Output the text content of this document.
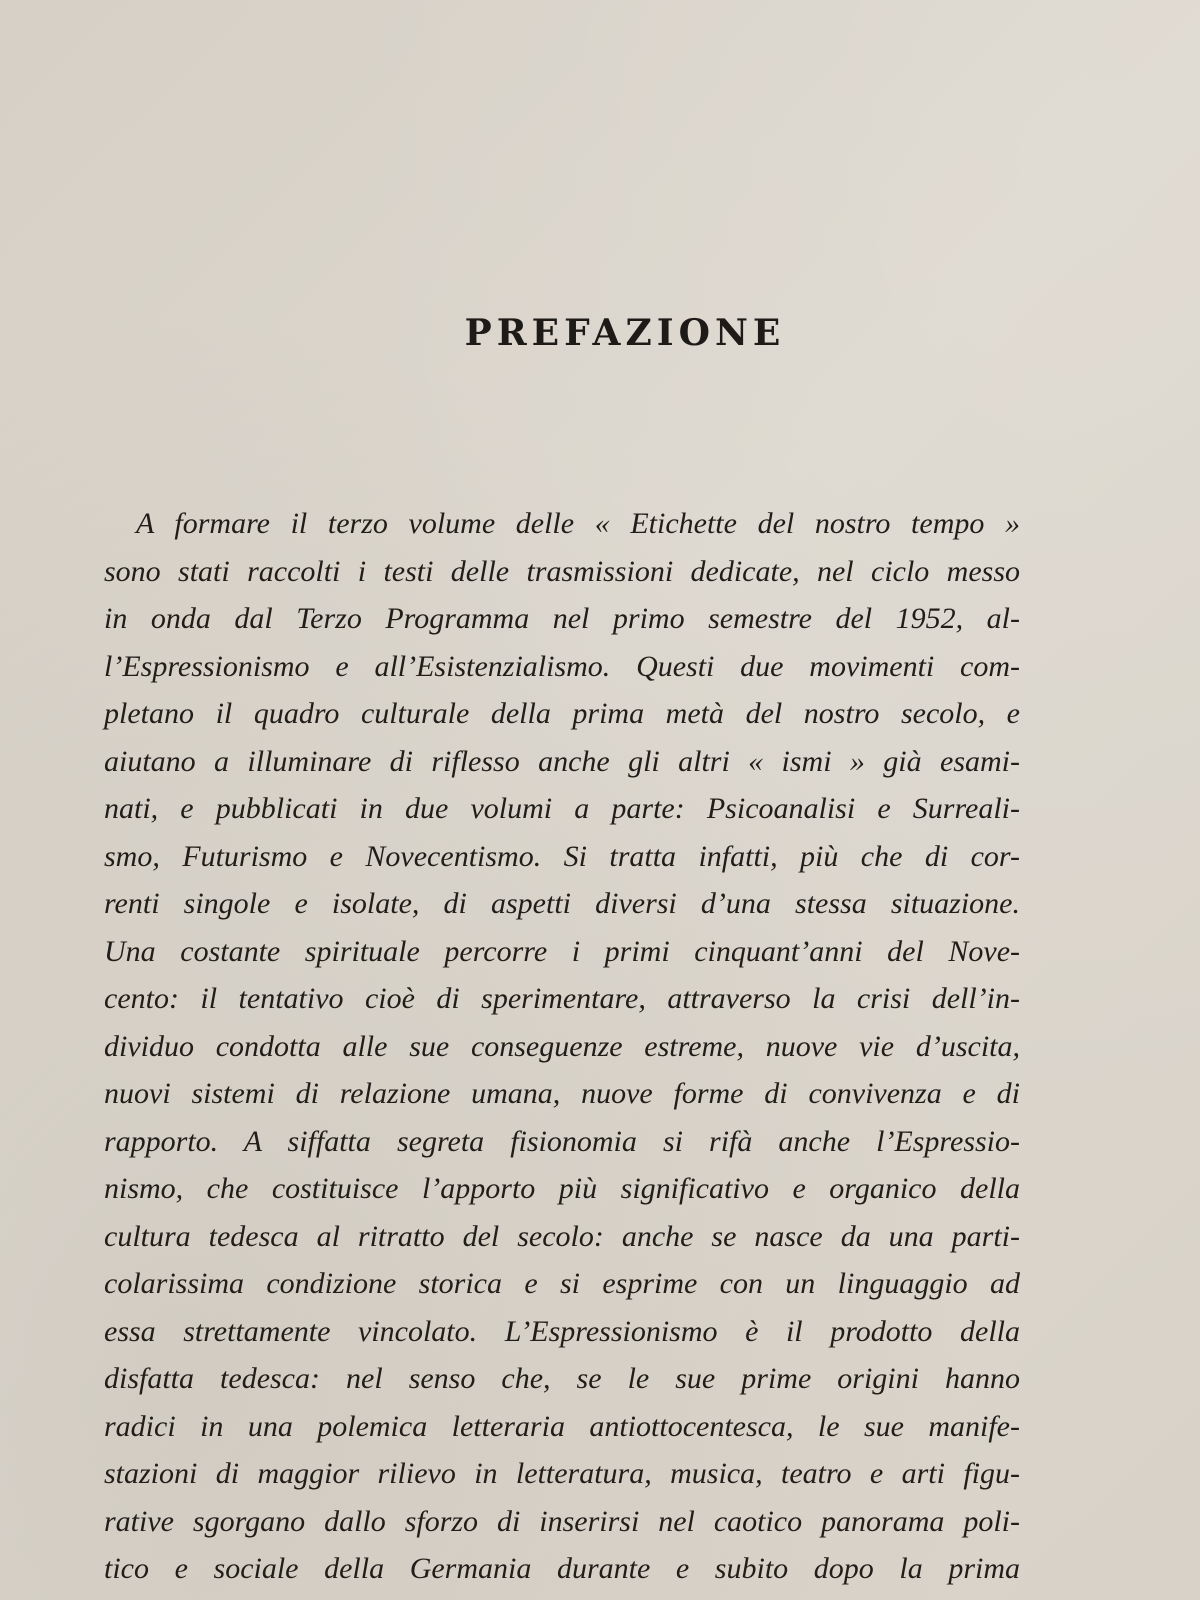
PREFAZIONE
A formare il terzo volume delle « Etichette del nostro tempo »
sono stati raccolti i testi delle trasmissioni dedicate, nel ciclo messo
in onda dal Terzo Programma nel primo semestre del 1952, al-
l’Espressionismo e all’Esistenzialismo. Questi due movimenti com-
pletano il quadro culturale della prima metà del nostro secolo, e
aiutano a illuminare di riflesso anche gli altri « ismi » già esami-
nati, e pubblicati in due volumi a parte: Psicoanalisi e Surreali-
smo, Futurismo e Novecentismo. Si tratta infatti, più che di cor-
renti singole e isolate, di aspetti diversi d’una stessa situazione.
Una costante spirituale percorre i primi cinquant’anni del Nove-
cento: il tentativo cioè di sperimentare, attraverso la crisi dell’in-
dividuo condotta alle sue conseguenze estreme, nuove vie d’uscita,
nuovi sistemi di relazione umana, nuove forme di convivenza e di
rapporto. A siffatta segreta fisionomia si rifà anche l’Espressio-
nismo, che costituisce l’apporto più significativo e organico della
cultura tedesca al ritratto del secolo: anche se nasce da una parti-
colarissima condizione storica e si esprime con un linguaggio ad
essa strettamente vincolato. L’Espressionismo è il prodotto della
disfatta tedesca: nel senso che, se le sue prime origini hanno
radici in una polemica letteraria antiottocentesca, le sue manife-
stazioni di maggior rilievo in letteratura, musica, teatro e arti figu-
rative sgorgano dallo sforzo di inserirsi nel caotico panorama poli-
tico e sociale della Germania durante e subito dopo la prima
